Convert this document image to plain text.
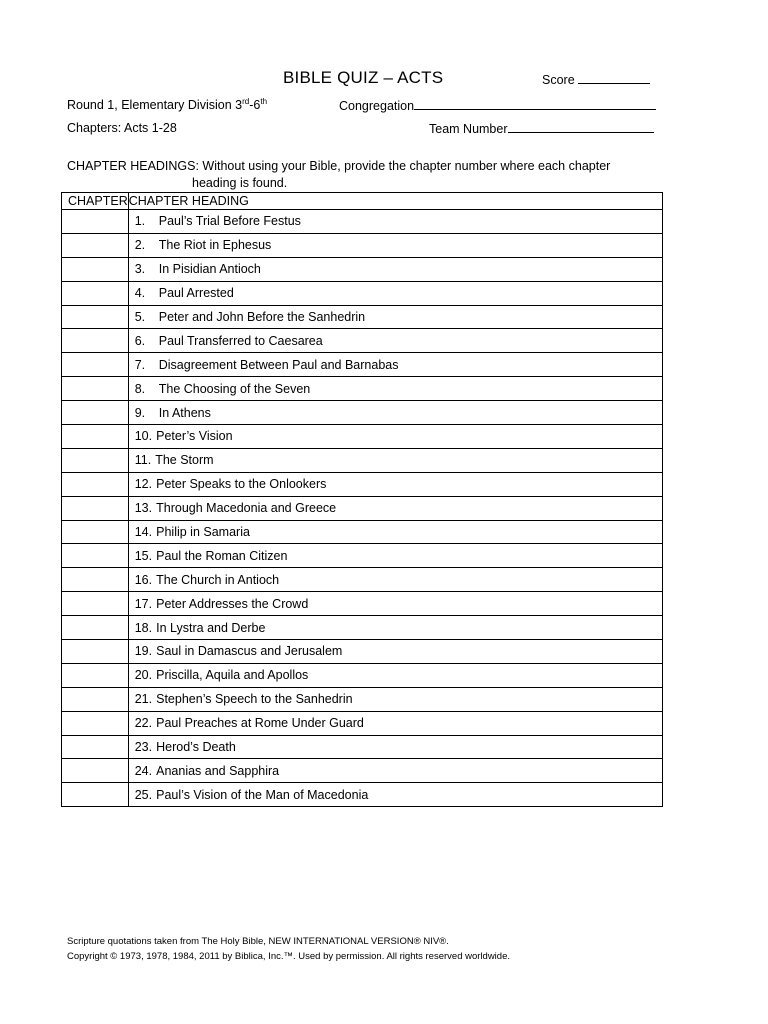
BIBLE QUIZ – ACTS	Score
Round 1, Elementary Division 3rd-6th	Congregation
Chapters: Acts 1-28	Team Number
CHAPTER HEADINGS: Without using your Bible, provide the chapter number where each chapter
heading is found.
CHAPTER	CHAPTER HEADING
	1. Paul’s Trial Before Festus
	2. The Riot in Ephesus
	3. In Pisidian Antioch
	4. Paul Arrested
	5. Peter and John Before the Sanhedrin
	6. Paul Transferred to Caesarea
	7. Disagreement Between Paul and Barnabas
	8. The Choosing of the Seven
	9. In Athens
	10. Peter’s Vision
	11. The Storm
	12. Peter Speaks to the Onlookers
	13. Through Macedonia and Greece
	14. Philip in Samaria
	15. Paul the Roman Citizen
	16. The Church in Antioch
	17. Peter Addresses the Crowd
	18. In Lystra and Derbe
	19. Saul in Damascus and Jerusalem
	20. Priscilla, Aquila and Apollos
	21. Stephen’s Speech to the Sanhedrin
	22. Paul Preaches at Rome Under Guard
	23. Herod’s Death
	24. Ananias and Sapphira
	25. Paul’s Vision of the Man of Macedonia
Scripture quotations taken from The Holy Bible, NEW INTERNATIONAL VERSION® NIV®.
Copyright © 1973, 1978, 1984, 2011 by Biblica, Inc.™. Used by permission. All rights reserved worldwide.
